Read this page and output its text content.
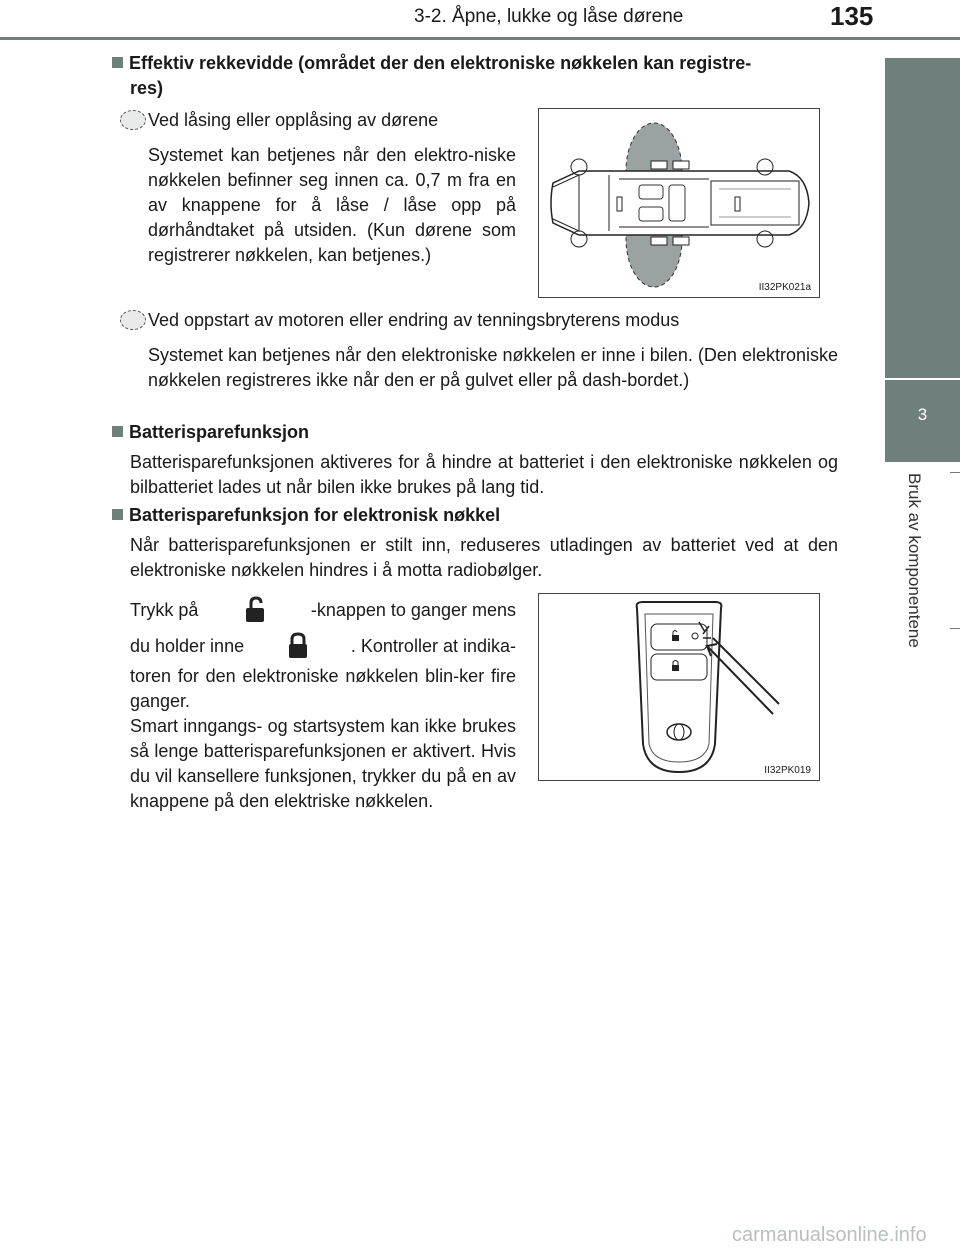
3-2. Åpne, lukke og låse dørene	135
3
Bruk av komponentene
Effektiv rekkevidde (området der den elektroniske nøkkelen kan registre-
res)
Ved låsing eller opplåsing av dørene

Systemet kan betjenes når den elektro-niske nøkkelen befinner seg innen ca. 0,7 m fra en av knappene for å låse / låse opp på dørhåndtaket på utsiden. (Kun dørene som registrerer nøkkelen, kan betjenes.)

II32PK021a
Ved oppstart av motoren eller endring av tenningsbryterens modus

Systemet kan betjenes når den elektroniske nøkkelen er inne i bilen. (Den elektroniske nøkkelen registreres ikke når den er på gulvet eller på dash-bordet.)

Batterisparefunksjon

Batterisparefunksjonen aktiveres for å hindre at batteriet i den elektroniske nøkkelen og bilbatteriet lades ut når bilen ikke brukes på lang tid.

Batterisparefunksjon for elektronisk nøkkel

Når batterisparefunksjonen er stilt inn, reduseres utladingen av batteriet ved at den elektroniske nøkkelen hindres i å motta radiobølger.

Trykk på	-knappen to ganger mens
du holder inne	. Kontroller at indika-
toren for den elektroniske nøkkelen blin-ker fire ganger.
Smart inngangs- og startsystem kan ikke brukes så lenge batterisparefunksjonen er aktivert. Hvis du vil kansellere funksjonen, trykker du på en av knappene på den elektriske nøkkelen.
II32PK019
carmanualsonline.info
